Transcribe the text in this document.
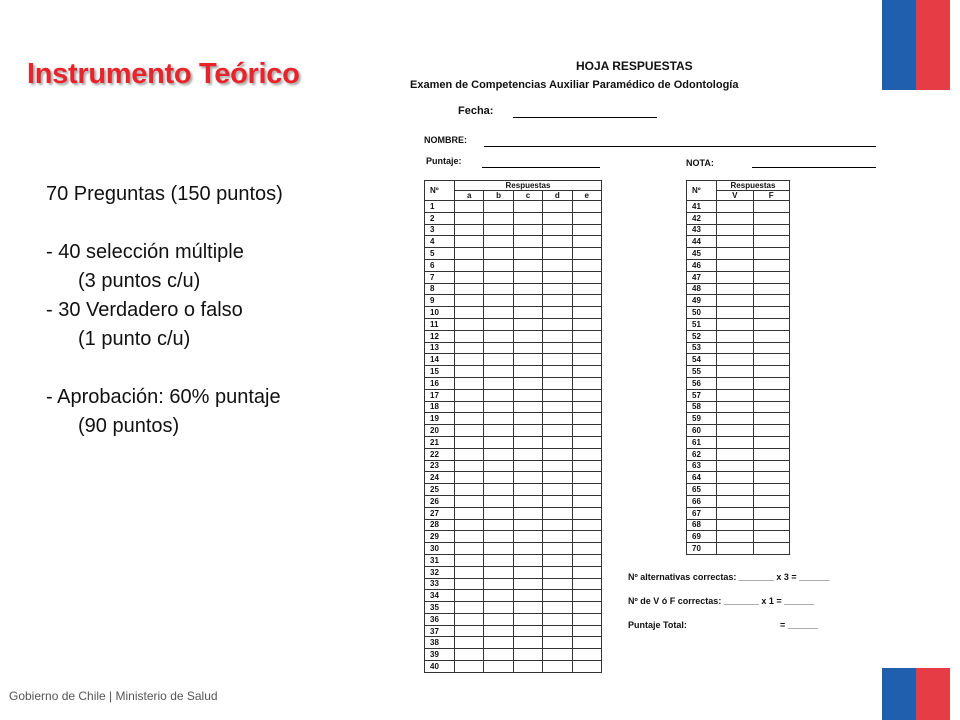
Instrumento Teórico
70 Preguntas (150 puntos)
- 40 selección múltiple
(3 puntos c/u)
- 30 Verdadero o falso
(1 punto c/u)
- Aprobación: 60% puntaje
(90 puntos)
HOJA RESPUESTAS
Examen de Competencias Auxiliar Paramédico de Odontología
Fecha:
NOMBRE:
Puntaje:	NOTA:
Nº	Respuestas				
	a	b	c	d	e
1					
2					
3					
4					
5					
6					
7					
8					
9					
10					
11					
12					
13					
14					
15					
16					
17					
18					
19					
20					
21					
22					
23					
24					
25					
26					
27					
28					
29					
30					
31					
32					
33					
34					
35					
36					
37					
38					
39					
40					
Nº	Respuestas	
	V	F
41		
42		
43		
44		
45		
46		
47		
48		
49		
50		
51		
52		
53		
54		
55		
56		
57		
58		
59		
60		
61		
62		
63		
64		
65		
66		
67		
68		
69		
70		
Nº alternativas correctas: _______ x 3 = ______
Nº de V ó F correctas: _______ x 1 = ______
Puntaje Total:	= ______
Gobierno de Chile | Ministerio de Salud
